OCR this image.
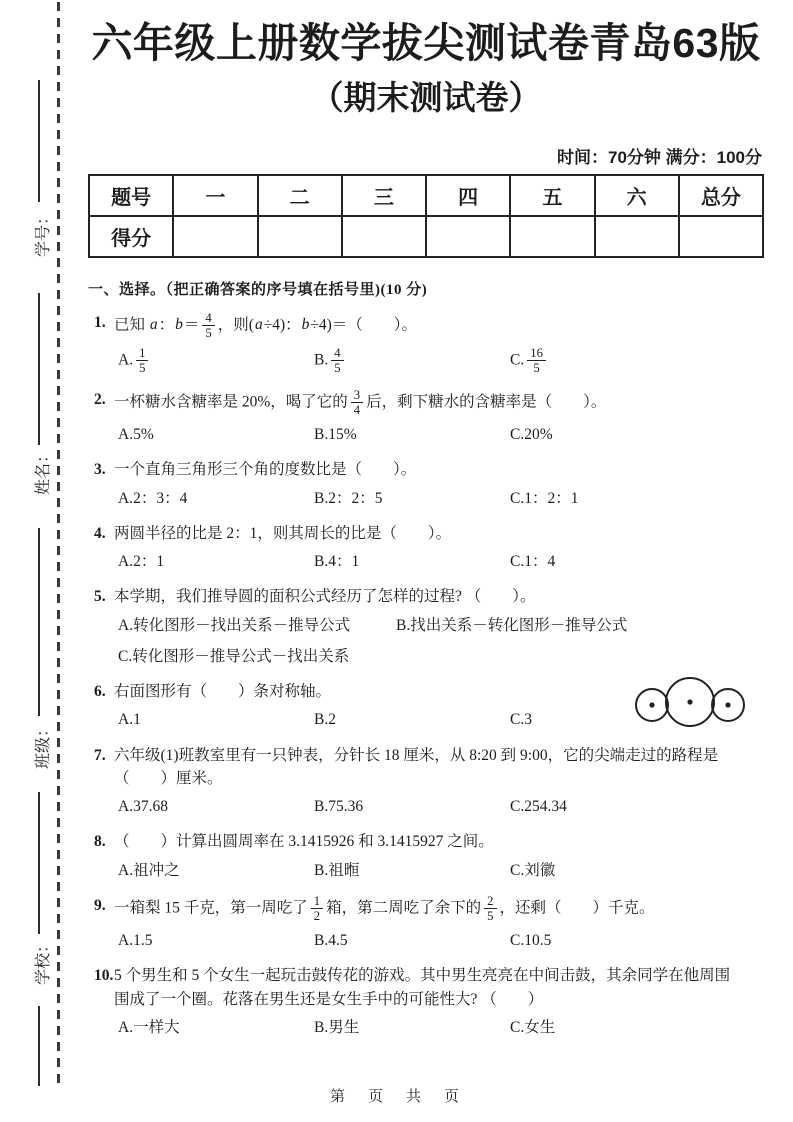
学号：
姓名：
班级：
学校：
六年级上册数学拔尖测试卷青岛63版
（期末测试卷）
时间：70分钟 满分：100分
题号	一	二	三	四	五	六	总分
得分							
一、选择。（把正确答案的序号填在括号里)(10 分)
1. 已知 a：$b= \frac{4}{5}$ ，则(a÷4)：b÷4)＝（　　）。
A. $\frac{1}{5}$	B. $\frac{4}{5}$	C. $\frac{16}{5}$
2. 一杯糖水含糖率是 20%，喝了它的 $\frac{3}{4}$ 后，剩下糖水的含糖率是（　　）。
A.5%	B.15%	C.20%
3. 一个直角三角形三个角的度数比是（　　）。
A.2：3：4	B.2：2：5	C.1：2：1
4. 两圆半径的比是 2：1，则其周长的比是（　　）。
A.2：1	B.4：1	C.1：4
5. 本学期，我们推导圆的面积公式经历了怎样的过程? （　　）。
A.转化图形－找出关系－推导公式	B.找出关系－转化图形－推导公式
C.转化图形－推导公式－找出关系
6. 右面图形有（　　）条对称轴。
A.1	B.2	C.3
7. 六年级(1)班教室里有一只钟表，分针长 18 厘米，从 8:20 到 9:00，它的尖端走过的路程是
（　　）厘米。
A.37.68	B.75.36	C.254.34
8. （　　）计算出圆周率在 3.1415926 和 3.1415927 之间。
A.祖冲之	B.祖暅	C.刘徽
9. 一箱梨 15 千克，第一周吃了 $\frac{1}{2}$ 箱，第二周吃了余下的 $\frac{2}{5}$ ，还剩（　　）千克。
A.1.5	B.4.5	C.10.5
10. 5 个男生和 5 个女生一起玩击鼓传花的游戏。其中男生亮亮在中间击鼓，其余同学在他周围
围成了一个圈。花落在男生还是女生手中的可能性大? （　　）
A.一样大	B.男生	C.女生
第　页　共　页
